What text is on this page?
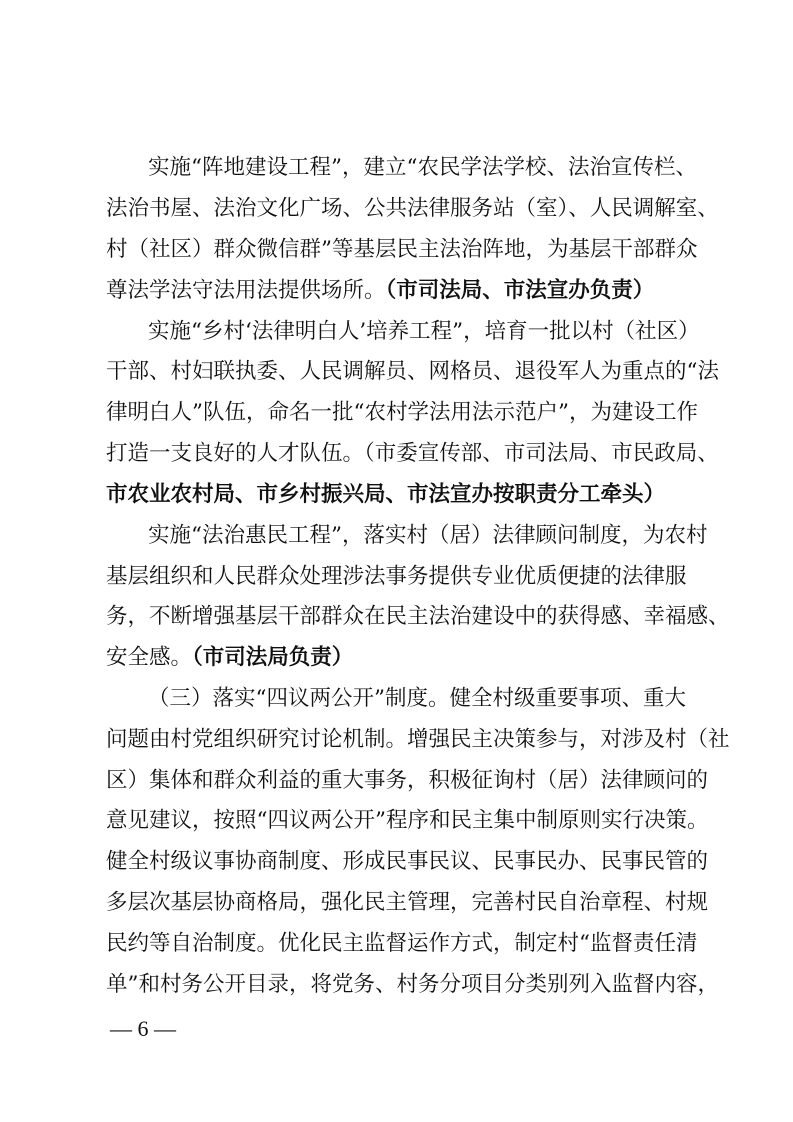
实施“阵地建设工程”，建立“农民学法学校、法治宣传栏、
法治书屋、法治文化广场、公共法律服务站（室）、人民调解室、
村（社区）群众微信群”等基层民主法治阵地，为基层干部群众
尊法学法守法用法提供场所。（市司法局、市法宣办负责）
实施“乡村‘法律明白人’培养工程”，培育一批以村（社区）
干部、村妇联执委、人民调解员、网格员、退役军人为重点的“法
律明白人”队伍，命名一批“农村学法用法示范户”，为建设工作
打造一支良好的人才队伍。（市委宣传部、市司法局、市民政局、
市农业农村局、市乡村振兴局、市法宣办按职责分工牵头）
实施“法治惠民工程”，落实村（居）法律顾问制度，为农村
基层组织和人民群众处理涉法事务提供专业优质便捷的法律服
务，不断增强基层干部群众在民主法治建设中的获得感、幸福感、
安全感。（市司法局负责）
（三）落实“四议两公开”制度。健全村级重要事项、重大
问题由村党组织研究讨论机制。增强民主决策参与，对涉及村（社
区）集体和群众利益的重大事务，积极征询村（居）法律顾问的
意见建议，按照“四议两公开”程序和民主集中制原则实行决策。
健全村级议事协商制度、形成民事民议、民事民办、民事民管的
多层次基层协商格局，强化民主管理，完善村民自治章程、村规
民约等自治制度。优化民主监督运作方式，制定村“监督责任清
单”和村务公开目录，将党务、村务分项目分类别列入监督内容，
— 6 —
